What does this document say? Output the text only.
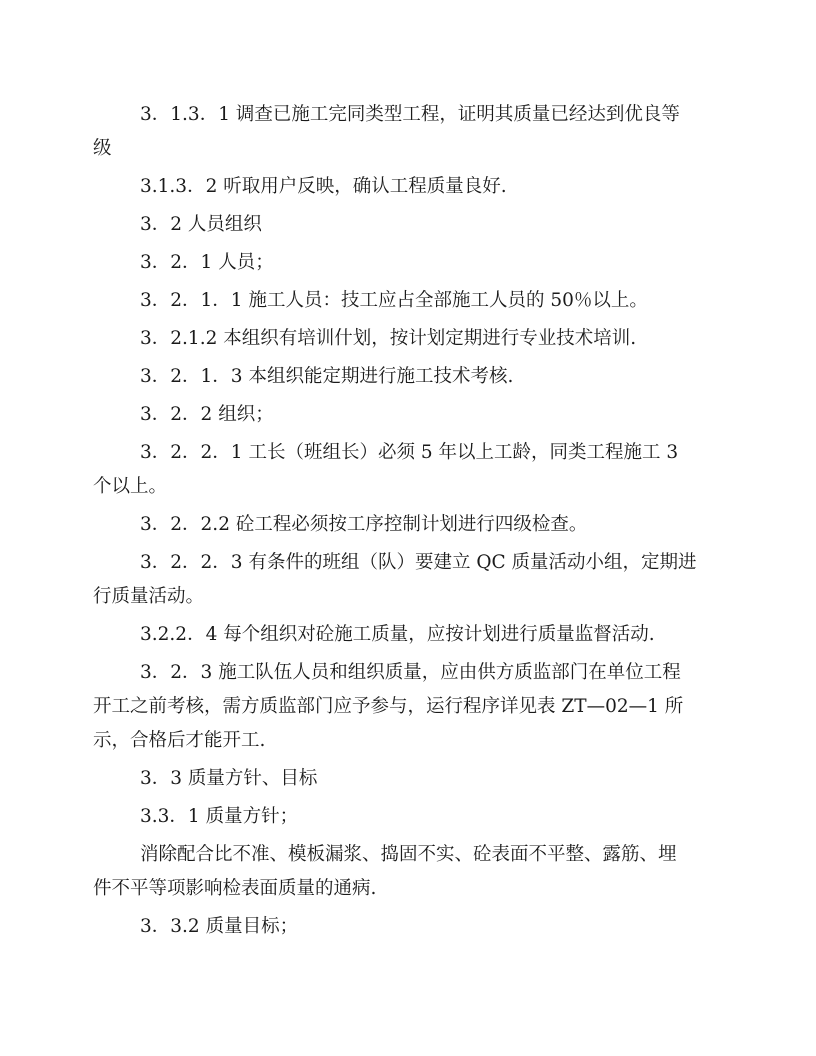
3．1.3．1 调查已施工完同类型工程，证明其质量已经达到优良等
级
3.1.3．2 听取用户反映，确认工程质量良好.
3．2 人员组织
3．2．1 人员；
3．2．1．1 施工人员：技工应占全部施工人员的 50％以上。
3．2.1.2 本组织有培训什划，按计划定期进行专业技术培训.
3．2．1．3 本组织能定期进行施工技术考核.
3．2．2 组织；
3．2．2．1 工长（班组长）必须 5 年以上工龄，同类工程施工 3
个以上。
3．2．2.2 砼工程必须按工序控制计划进行四级检查。
3．2．2．3 有条件的班组（队）要建立 QC 质量活动小组，定期进
行质量活动。
3.2.2．4 每个组织对砼施工质量，应按计划进行质量监督活动.
3．2．3 施工队伍人员和组织质量，应由供方质监部门在单位工程
开工之前考核，需方质监部门应予参与，运行程序详见表 ZT—02—1 所
示，合格后才能开工.
3．3 质量方针、目标
3.3．1 质量方针；
消除配合比不准、模板漏浆、捣固不实、砼表面不平整、露筋、埋
件不平等项影响检表面质量的通病.
3．3.2 质量目标；
